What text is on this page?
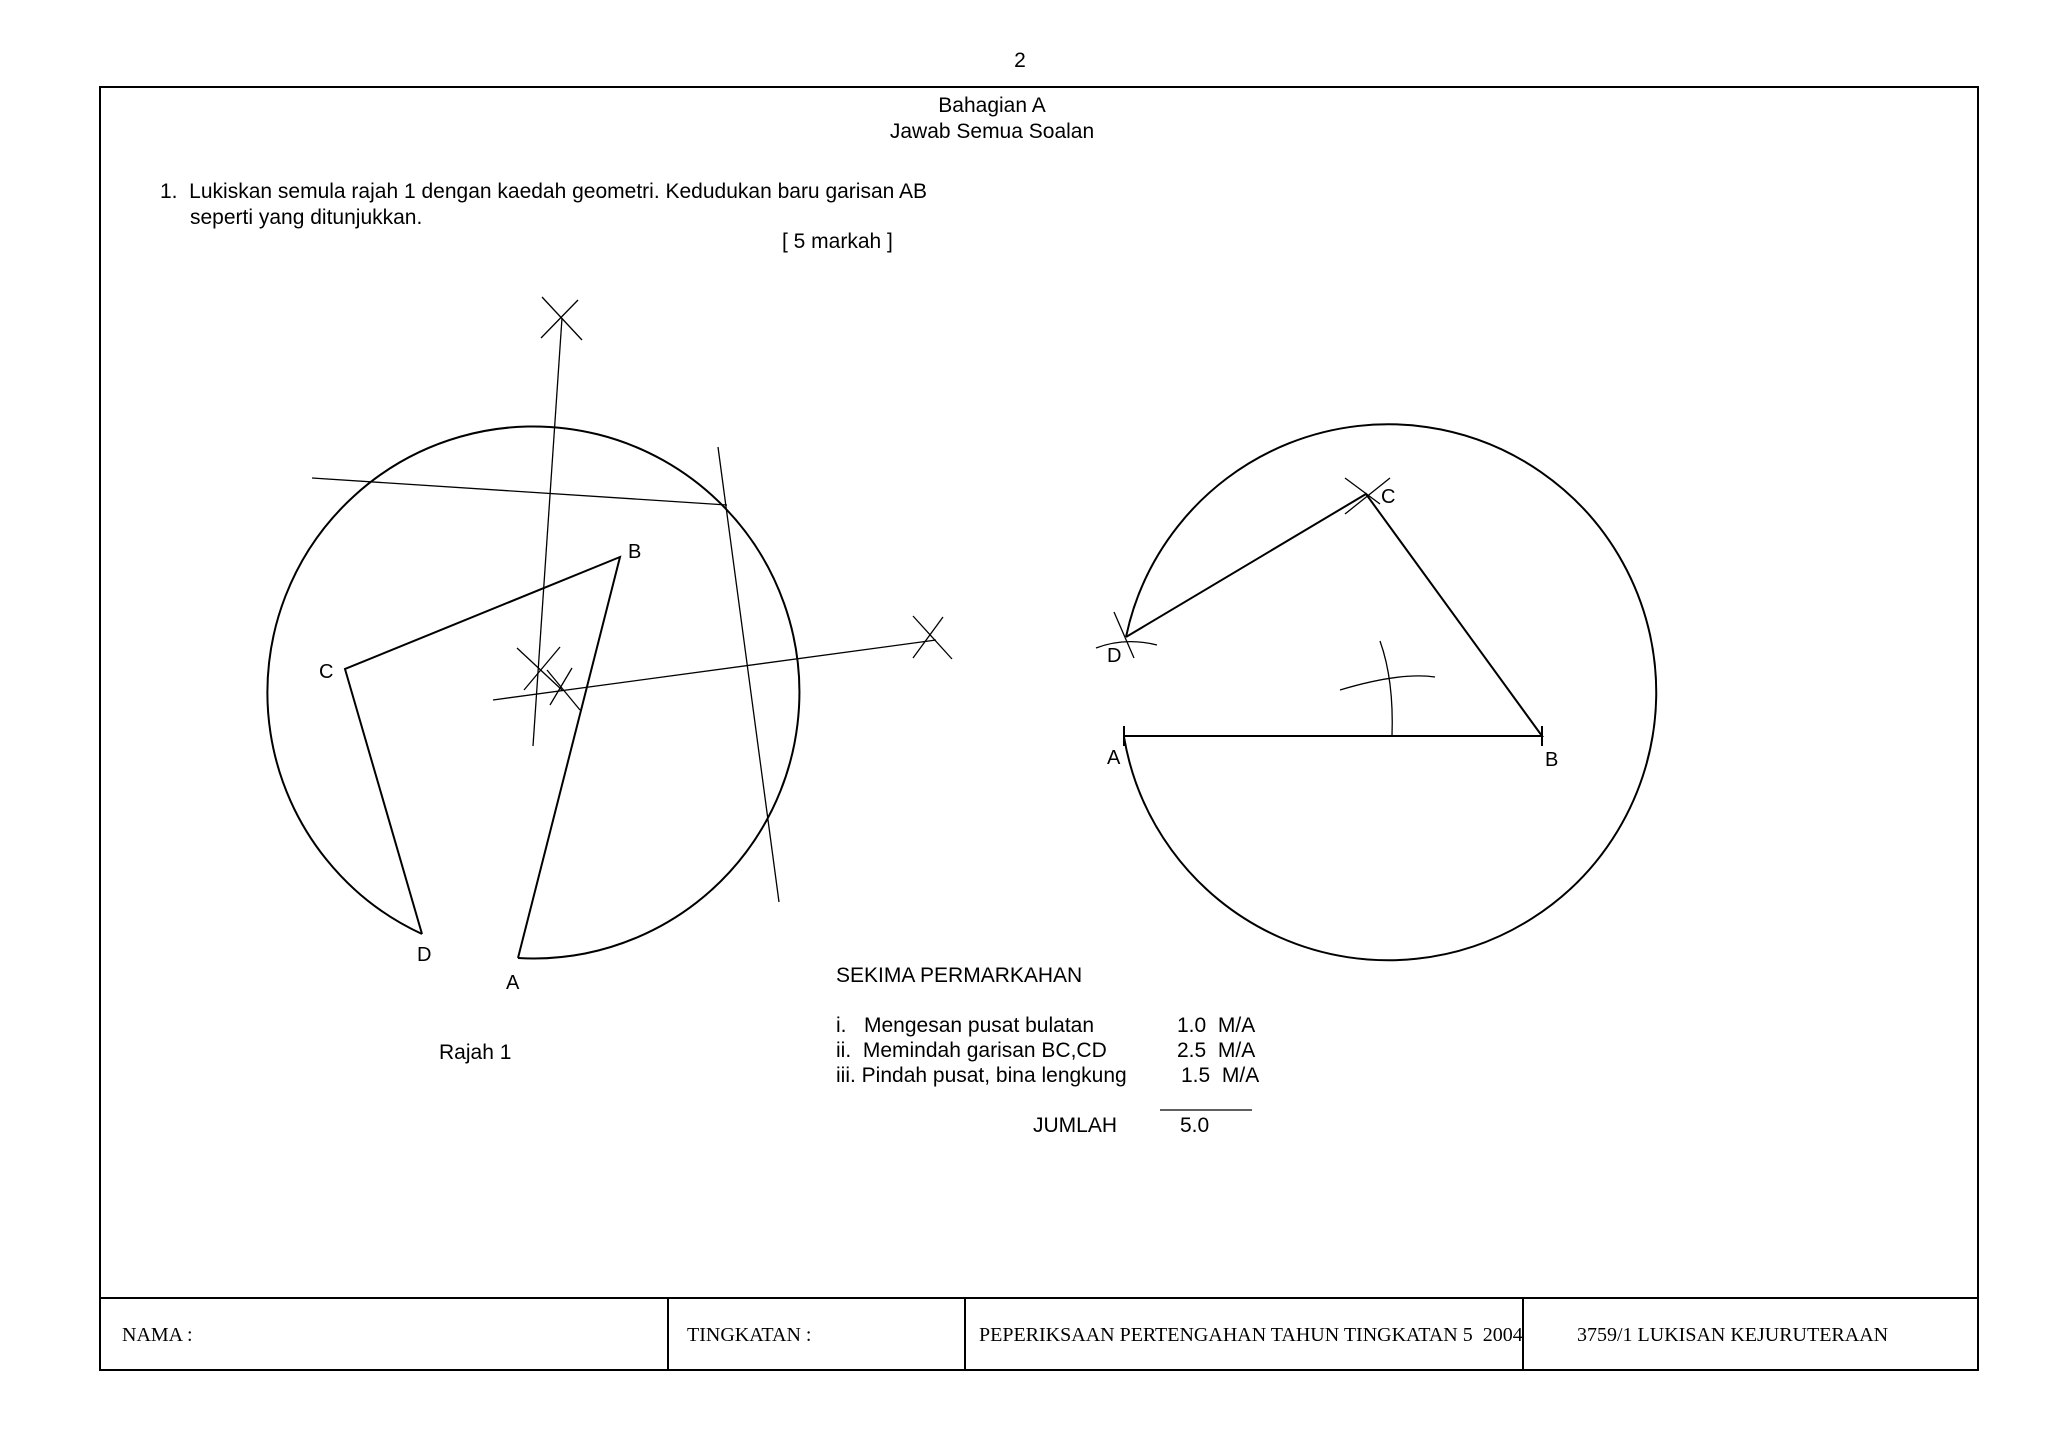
2
Bahagian A
Jawab Semua Soalan
1.  Lukiskan semula rajah 1 dengan kaedah geometri. Kedudukan baru garisan AB
seperti yang ditunjukkan.
[ 5 markah ]
B
C
D
A
C
D
A	B
Rajah 1
SEKIMA PERMARKAHAN
i.   Mengesan pusat bulatan	1.0  M/A
ii.  Memindah garisan BC,CD	2.5  M/A
iii. Pindah pusat, bina lengkung	1.5  M/A
JUMLAH	5.0
NAMA :	TINGKATAN :	PEPERIKSAAN PERTENGAHAN TAHUN TINGKATAN 5  2004	3759/1 LUKISAN KEJURUTERAAN
